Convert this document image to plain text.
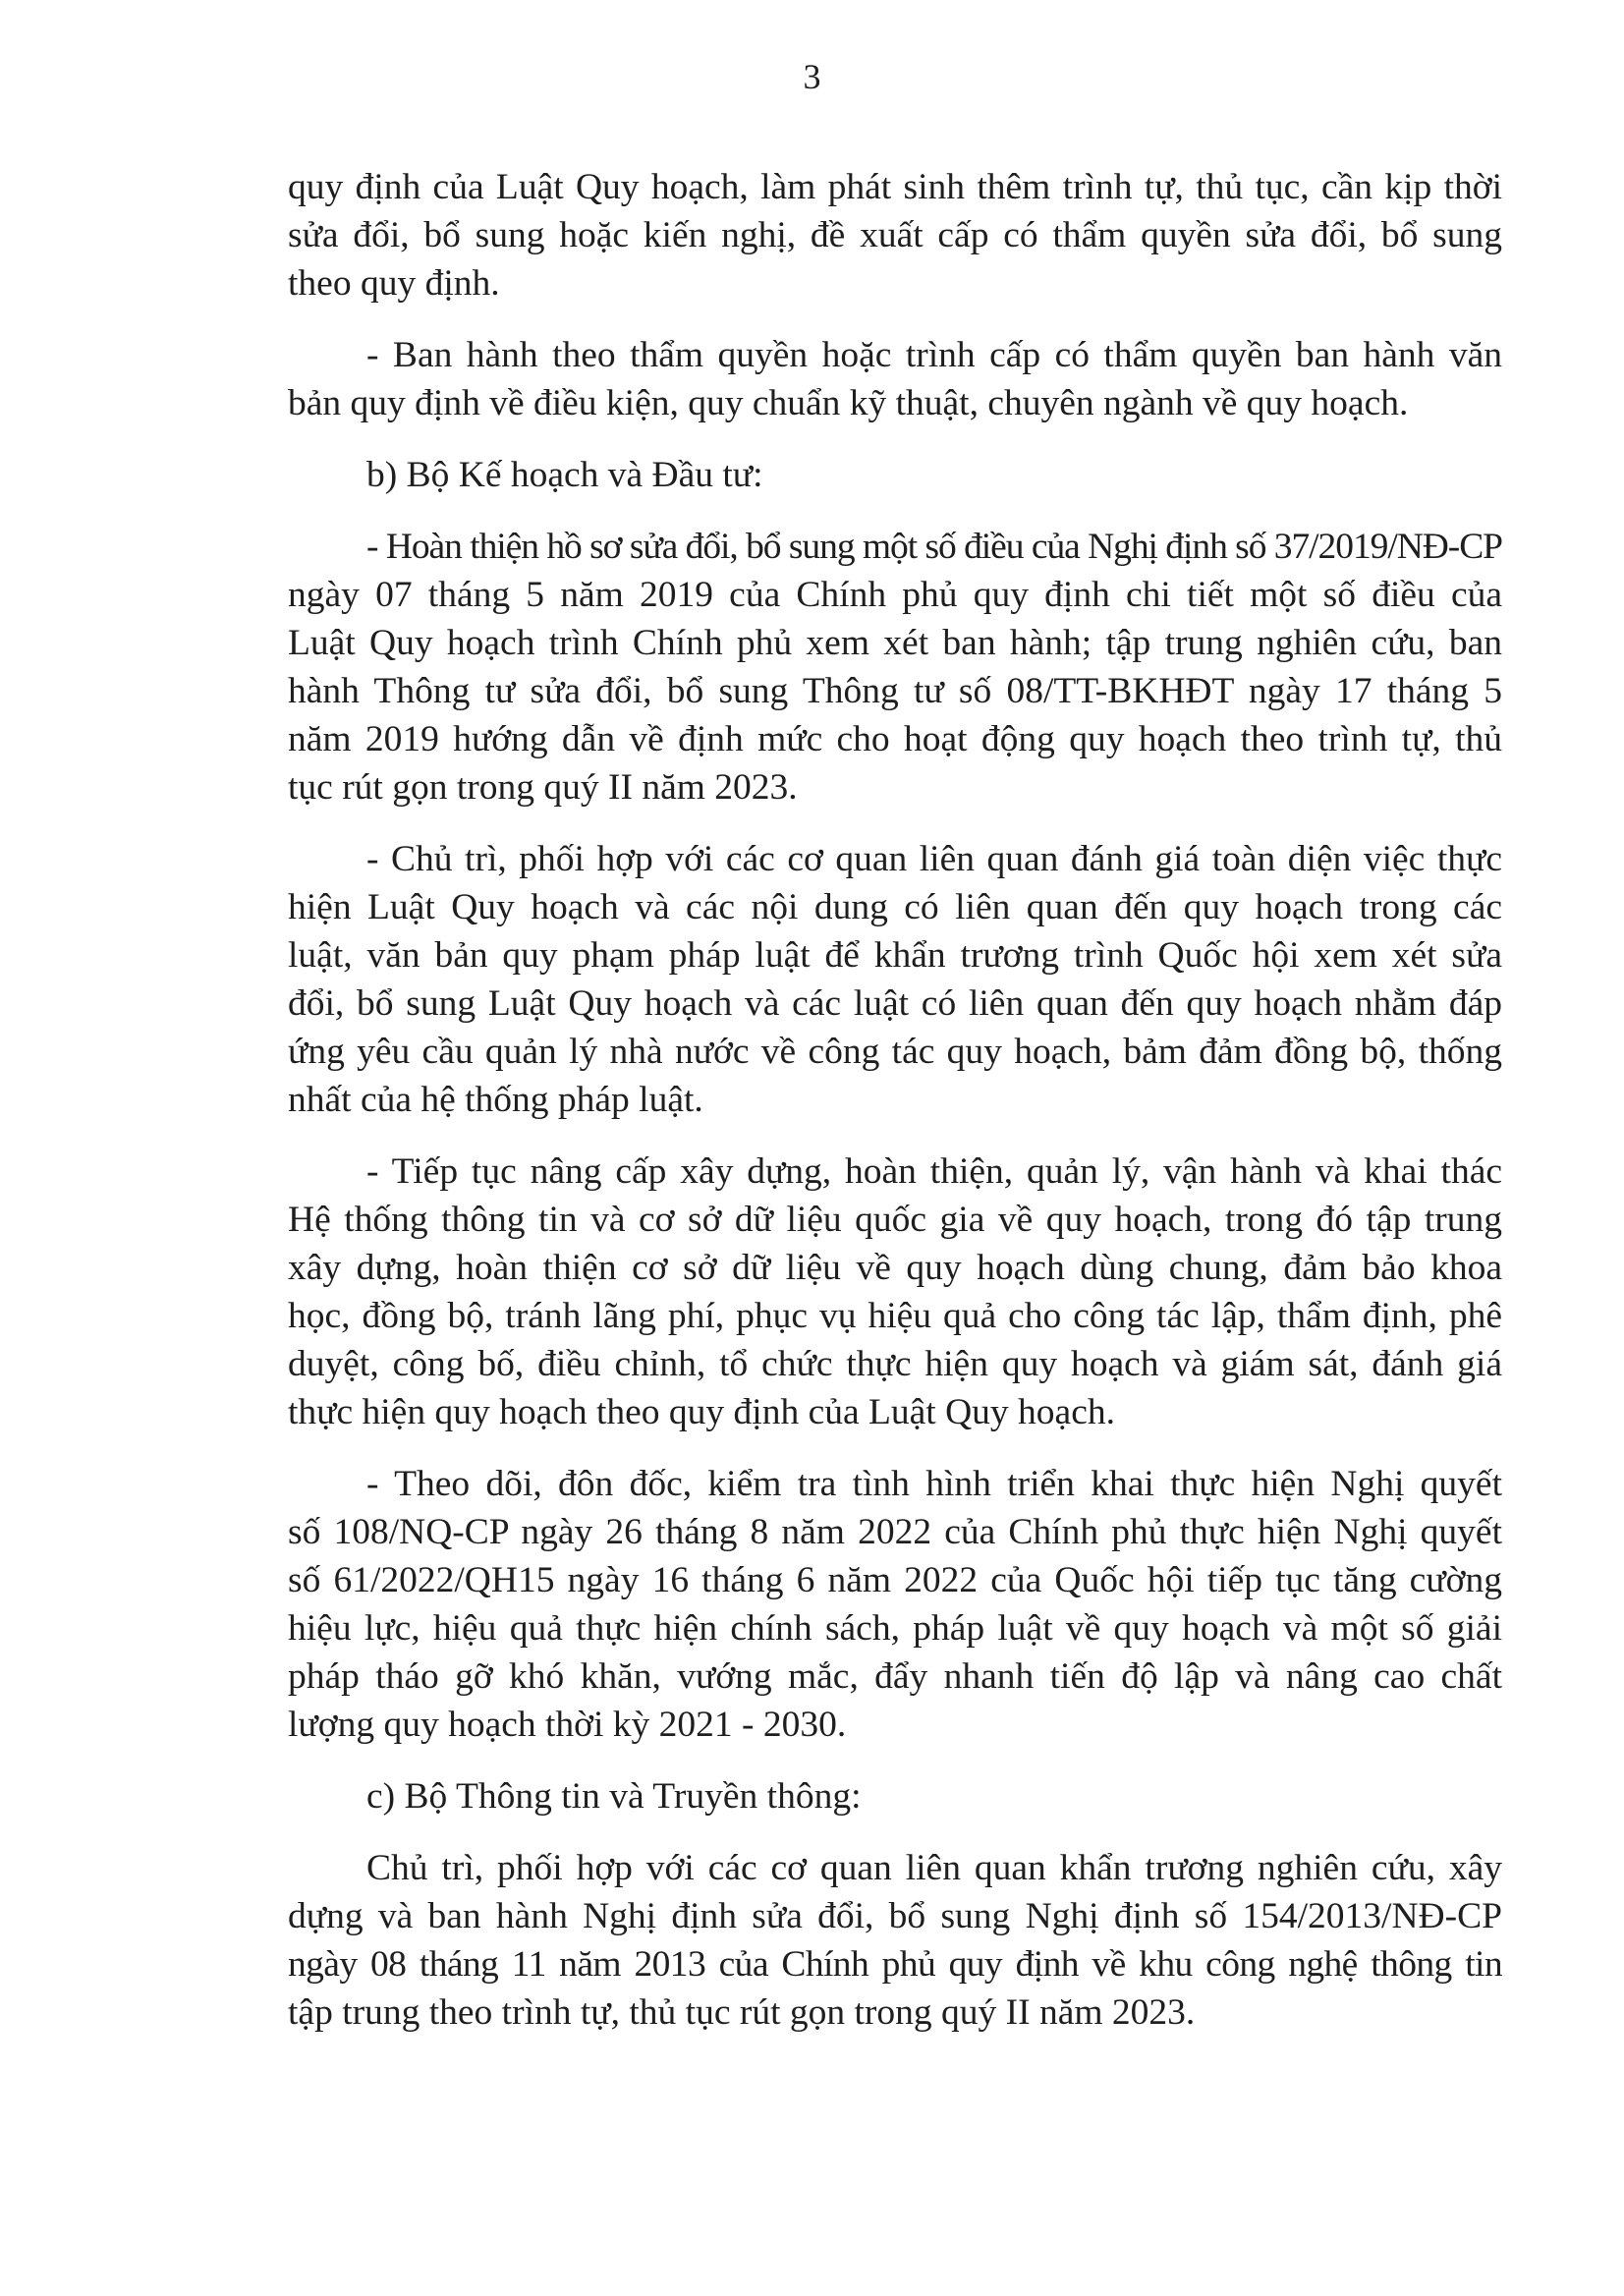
3

quy định của Luật Quy hoạch, làm phát sinh thêm trình tự, thủ tục, cần kịp thời
sửa đổi, bổ sung hoặc kiến nghị, đề xuất cấp có thẩm quyền sửa đổi, bổ sung
theo quy định.

- Ban hành theo thẩm quyền hoặc trình cấp có thẩm quyền ban hành văn
bản quy định về điều kiện, quy chuẩn kỹ thuật, chuyên ngành về quy hoạch.

b) Bộ Kế hoạch và Đầu tư:

- Hoàn thiện hồ sơ sửa đổi, bổ sung một số điều của Nghị định số 37/2019/NĐ-CP
ngày 07 tháng 5 năm 2019 của Chính phủ quy định chi tiết một số điều của
Luật Quy hoạch trình Chính phủ xem xét ban hành; tập trung nghiên cứu, ban
hành Thông tư sửa đổi, bổ sung Thông tư số 08/TT-BKHĐT ngày 17 tháng 5
năm 2019 hướng dẫn về định mức cho hoạt động quy hoạch theo trình tự, thủ
tục rút gọn trong quý II năm 2023.

- Chủ trì, phối hợp với các cơ quan liên quan đánh giá toàn diện việc thực
hiện Luật Quy hoạch và các nội dung có liên quan đến quy hoạch trong các
luật, văn bản quy phạm pháp luật để khẩn trương trình Quốc hội xem xét sửa
đổi, bổ sung Luật Quy hoạch và các luật có liên quan đến quy hoạch nhằm đáp
ứng yêu cầu quản lý nhà nước về công tác quy hoạch, bảm đảm đồng bộ, thống
nhất của hệ thống pháp luật.

- Tiếp tục nâng cấp xây dựng, hoàn thiện, quản lý, vận hành và khai thác
Hệ thống thông tin và cơ sở dữ liệu quốc gia về quy hoạch, trong đó tập trung
xây dựng, hoàn thiện cơ sở dữ liệu về quy hoạch dùng chung, đảm bảo khoa
học, đồng bộ, tránh lãng phí, phục vụ hiệu quả cho công tác lập, thẩm định, phê
duyệt, công bố, điều chỉnh, tổ chức thực hiện quy hoạch và giám sát, đánh giá
thực hiện quy hoạch theo quy định của Luật Quy hoạch.

- Theo dõi, đôn đốc, kiểm tra tình hình triển khai thực hiện Nghị quyết
số 108/NQ-CP ngày 26 tháng 8 năm 2022 của Chính phủ thực hiện Nghị quyết
số 61/2022/QH15 ngày 16 tháng 6 năm 2022 của Quốc hội tiếp tục tăng cường
hiệu lực, hiệu quả thực hiện chính sách, pháp luật về quy hoạch và một số giải
pháp tháo gỡ khó khăn, vướng mắc, đẩy nhanh tiến độ lập và nâng cao chất
lượng quy hoạch thời kỳ 2021 - 2030.

c) Bộ Thông tin và Truyền thông:

Chủ trì, phối hợp với các cơ quan liên quan khẩn trương nghiên cứu, xây
dựng và ban hành Nghị định sửa đổi, bổ sung Nghị định số 154/2013/NĐ-CP
ngày 08 tháng 11 năm 2013 của Chính phủ quy định về khu công nghệ thông tin
tập trung theo trình tự, thủ tục rút gọn trong quý II năm 2023.
